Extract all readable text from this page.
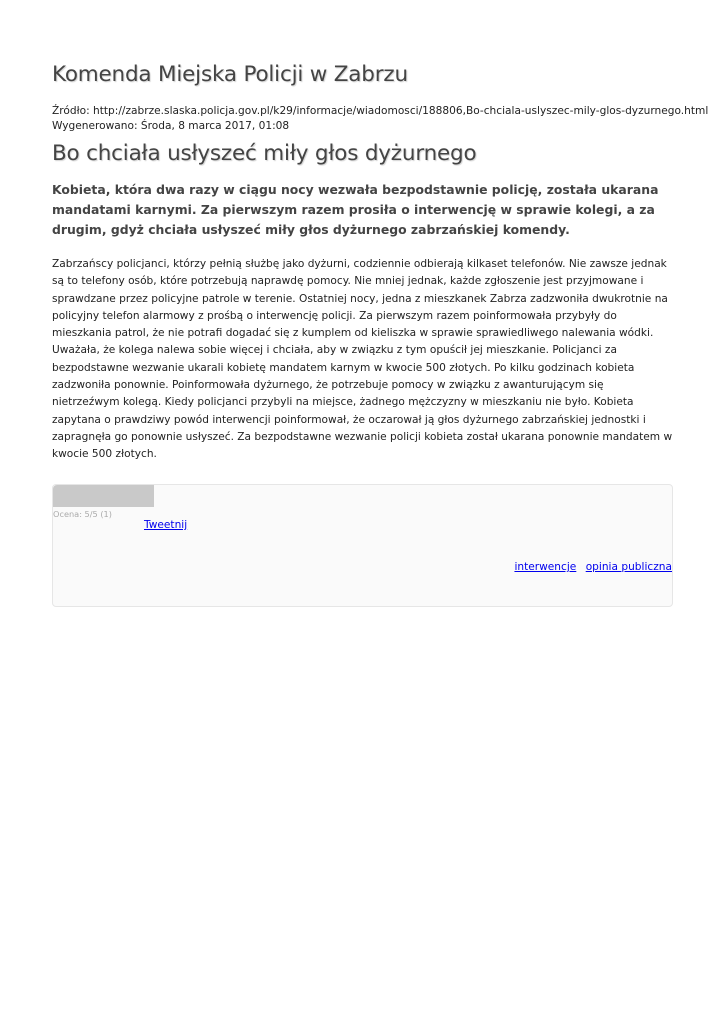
Komenda Miejska Policji w Zabrzu
Źródło: http://zabrze.slaska.policja.gov.pl/k29/informacje/wiadomosci/188806,Bo-chciala-uslyszec-mily-glos-dyzurnego.html
Wygenerowano: Środa, 8 marca 2017, 01:08
Bo chciała usłyszeć miły głos dyżurnego

Kobieta, która dwa razy w ciągu nocy wezwała bezpodstawnie policję, została ukarana mandatami karnymi. Za pierwszym razem prosiła o interwencję w sprawie kolegi, a za drugim, gdyż chciała usłyszeć miły głos dyżurnego zabrzańskiej komendy.

Zabrzańscy policjanci, którzy pełnią służbę jako dyżurni, codziennie odbierają kilkaset telefonów. Nie zawsze jednak są to telefony osób, które potrzebują naprawdę pomocy. Nie mniej jednak, każde zgłoszenie jest przyjmowane i sprawdzane przez policyjne patrole w terenie. Ostatniej nocy, jedna z mieszkanek Zabrza zadzwoniła dwukrotnie na policyjny telefon alarmowy z prośbą o interwencję policji. Za pierwszym razem poinformowała przybyły do mieszkania patrol, że nie potrafi dogadać się z kumplem od kieliszka w sprawie sprawiedliwego nalewania wódki. Uważała, że kolega nalewa sobie więcej i chciała, aby w związku z tym opuścił jej mieszkanie. Policjanci za bezpodstawne wezwanie ukarali kobietę mandatem karnym w kwocie 500 złotych. Po kilku godzinach kobieta zadzwoniła ponownie. Poinformowała dyżurnego, że potrzebuje pomocy w związku z awanturującym się nietrzeźwym kolegą. Kiedy policjanci przybyli na miejsce, żadnego mężczyzny w mieszkaniu nie było. Kobieta zapytana o prawdziwy powód interwencji poinformował, że oczarował ją głos dyżurnego zabrzańskiej jednostki i zapragnęła go ponownie usłyszeć. Za bezpodstawne wezwanie policji kobieta został ukarana ponownie mandatem w kwocie 500 złotych.

Ocena: 5/5 (1)
Tweetnij
interwencje opinia publiczna
